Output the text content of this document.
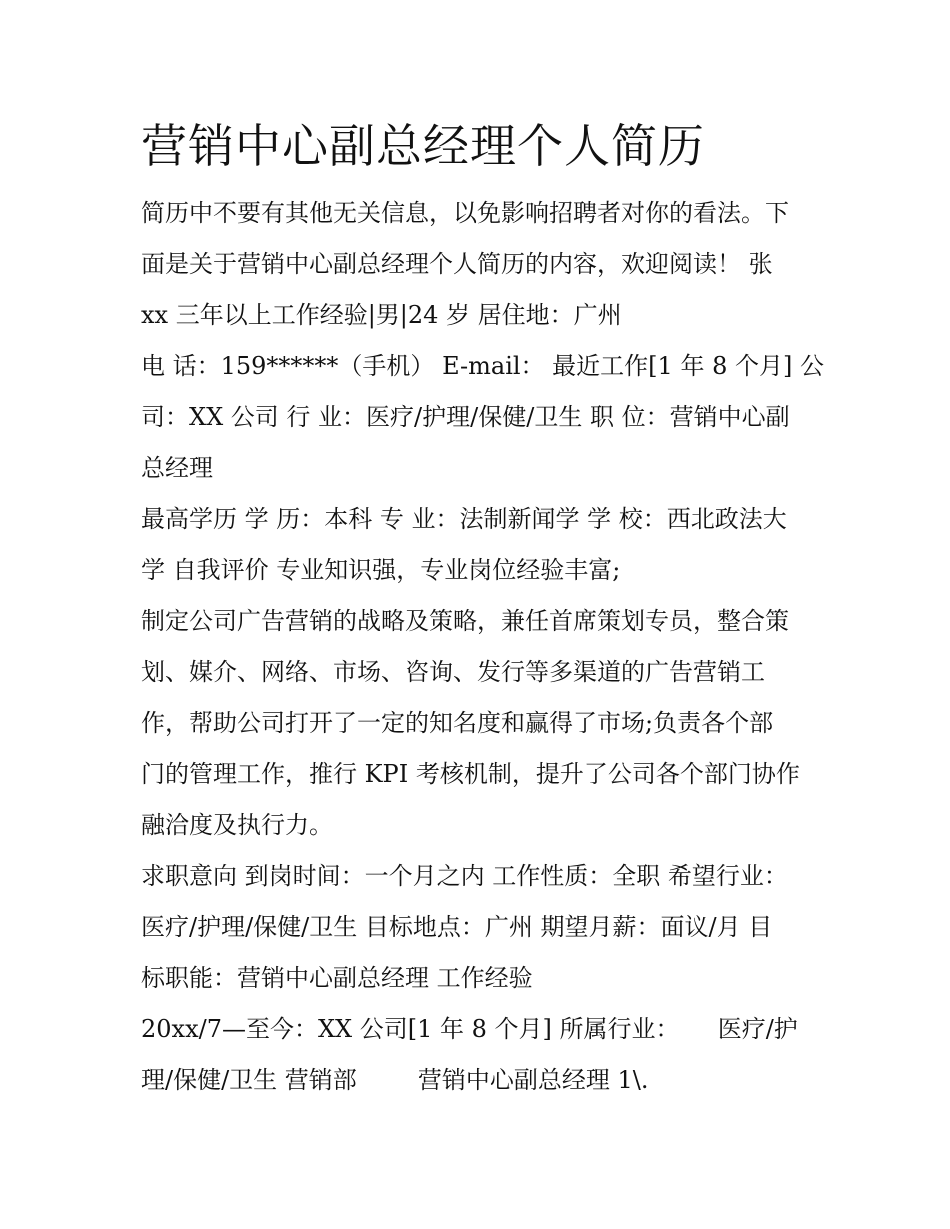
营销中心副总经理个人简历

简历中不要有其他无关信息，以免影响招聘者对你的看法。下

面是关于营销中心副总经理个人简历的内容，欢迎阅读！ 张

xx 三年以上工作经验|男|24 岁 居住地：广州

电 话：159******（手机） E-mail： 最近工作[1 年 8 个月] 公

司：XX 公司 行 业：医疗/护理/保健/卫生 职 位：营销中心副

总经理

最高学历 学 历：本科 专 业：法制新闻学 学 校：西北政法大

学 自我评价 专业知识强，专业岗位经验丰富;

制定公司广告营销的战略及策略，兼任首席策划专员，整合策

划、媒介、网络、市场、咨询、发行等多渠道的广告营销工

作，帮助公司打开了一定的知名度和赢得了市场;负责各个部

门的管理工作，推行 KPI 考核机制，提升了公司各个部门协作

融洽度及执行力。

求职意向 到岗时间：一个月之内 工作性质：全职 希望行业：

医疗/护理/保健/卫生 目标地点：广州 期望月薪：面议/月 目

标职能：营销中心副总经理 工作经验

20xx/7—至今：XX 公司[1 年 8 个月] 所属行业：     医疗/护

理/保健/卫生 营销部        营销中心副总经理 1\.
